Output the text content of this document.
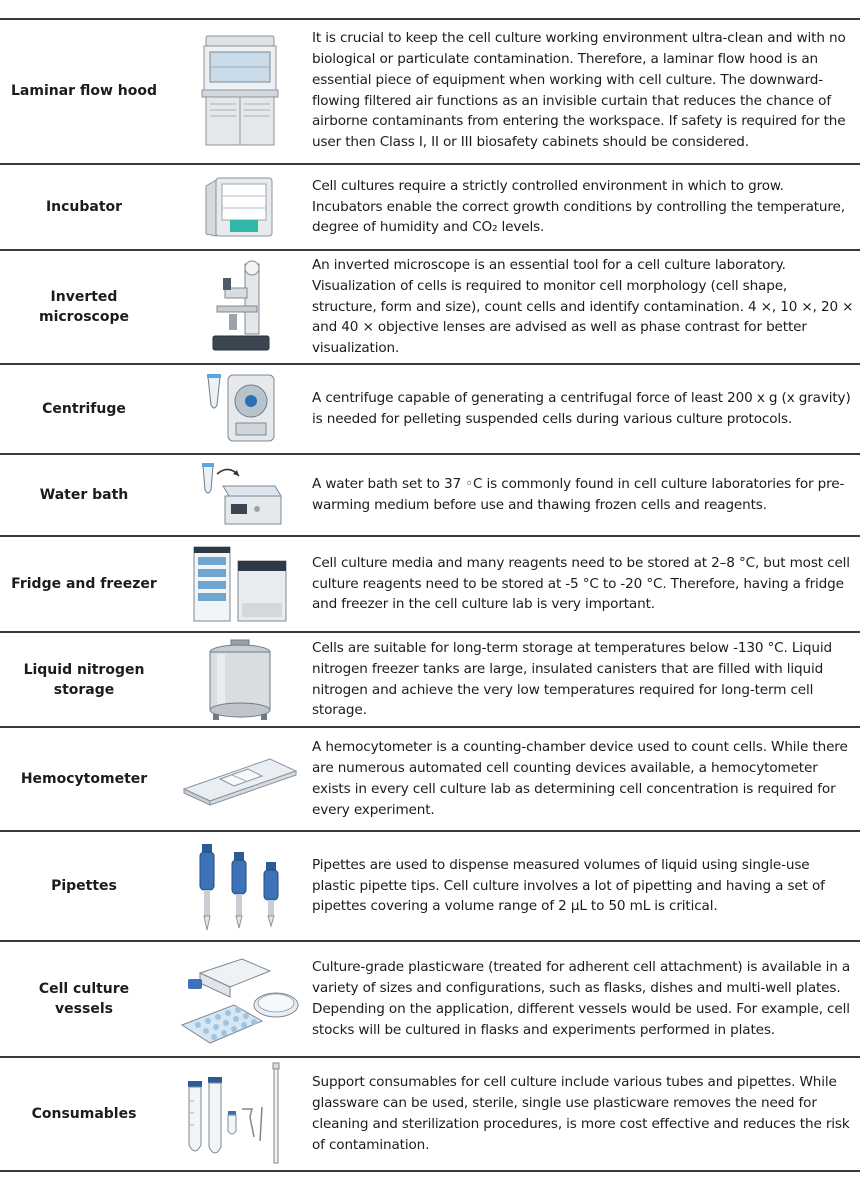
Laminar flow hood
It is crucial to keep the cell culture working environment ultra-clean and with no biological or particulate contamination. Therefore, a laminar flow hood is an essential piece of equipment when working with cell culture. The downward-flowing filtered air functions as an invisible curtain that reduces the chance of airborne contaminants from entering the workspace. If safety is required for the user then Class I, II or III biosafety cabinets should be considered.
Incubator
Cell cultures require a strictly controlled environment in which to grow. Incubators enable the correct growth conditions by controlling the temperature, degree of humidity and CO₂ levels.
Inverted
microscope
An inverted microscope is an essential tool for a cell culture laboratory. Visualization of cells is required to monitor cell morphology (cell shape, structure, form and size), count cells and identify contamination. 4 ×, 10 ×, 20 × and 40 × objective lenses are advised as well as phase contrast for better visualization.
Centrifuge
A centrifuge capable of generating a centrifugal force of least 200 x g (x gravity) is needed for pelleting suspended cells during various culture protocols.
Water bath
A water bath set to 37 ◦C is commonly found in cell culture laboratories for pre-warming medium before use and thawing frozen cells and reagents.
Fridge and freezer
Cell culture media and many reagents need to be stored at 2–8 °C, but most cell culture reagents need to be stored at -5 °C to -20 °C. Therefore, having a fridge and freezer in the cell culture lab is very important.
Liquid nitrogen
storage
Cells are suitable for long-term storage at temperatures below -130 °C. Liquid nitrogen freezer tanks are large, insulated canisters that are filled with liquid nitrogen and achieve the very low temperatures required for long-term cell storage.
Hemocytometer
A hemocytometer is a counting-chamber device used to count cells. While there are numerous automated cell counting devices available, a hemocytometer exists in every cell culture lab as determining cell concentration is required for every experiment.
Pipettes
Pipettes are used to dispense measured volumes of liquid using single-use plastic pipette tips. Cell culture involves a lot of pipetting and having a set of pipettes covering a volume range of 2 μL to 50 mL is critical.
Cell culture
vessels
Culture-grade plasticware (treated for adherent cell attachment) is available in a variety of sizes and configurations, such as flasks, dishes and multi-well plates. Depending on the application, different vessels would be used. For example, cell stocks will be cultured in flasks and experiments performed in plates.
Consumables
Support consumables for cell culture include various tubes and pipettes. While glassware can be used, sterile, single use plasticware removes the need for cleaning and sterilization procedures, is more cost effective and reduces the risk of contamination.
